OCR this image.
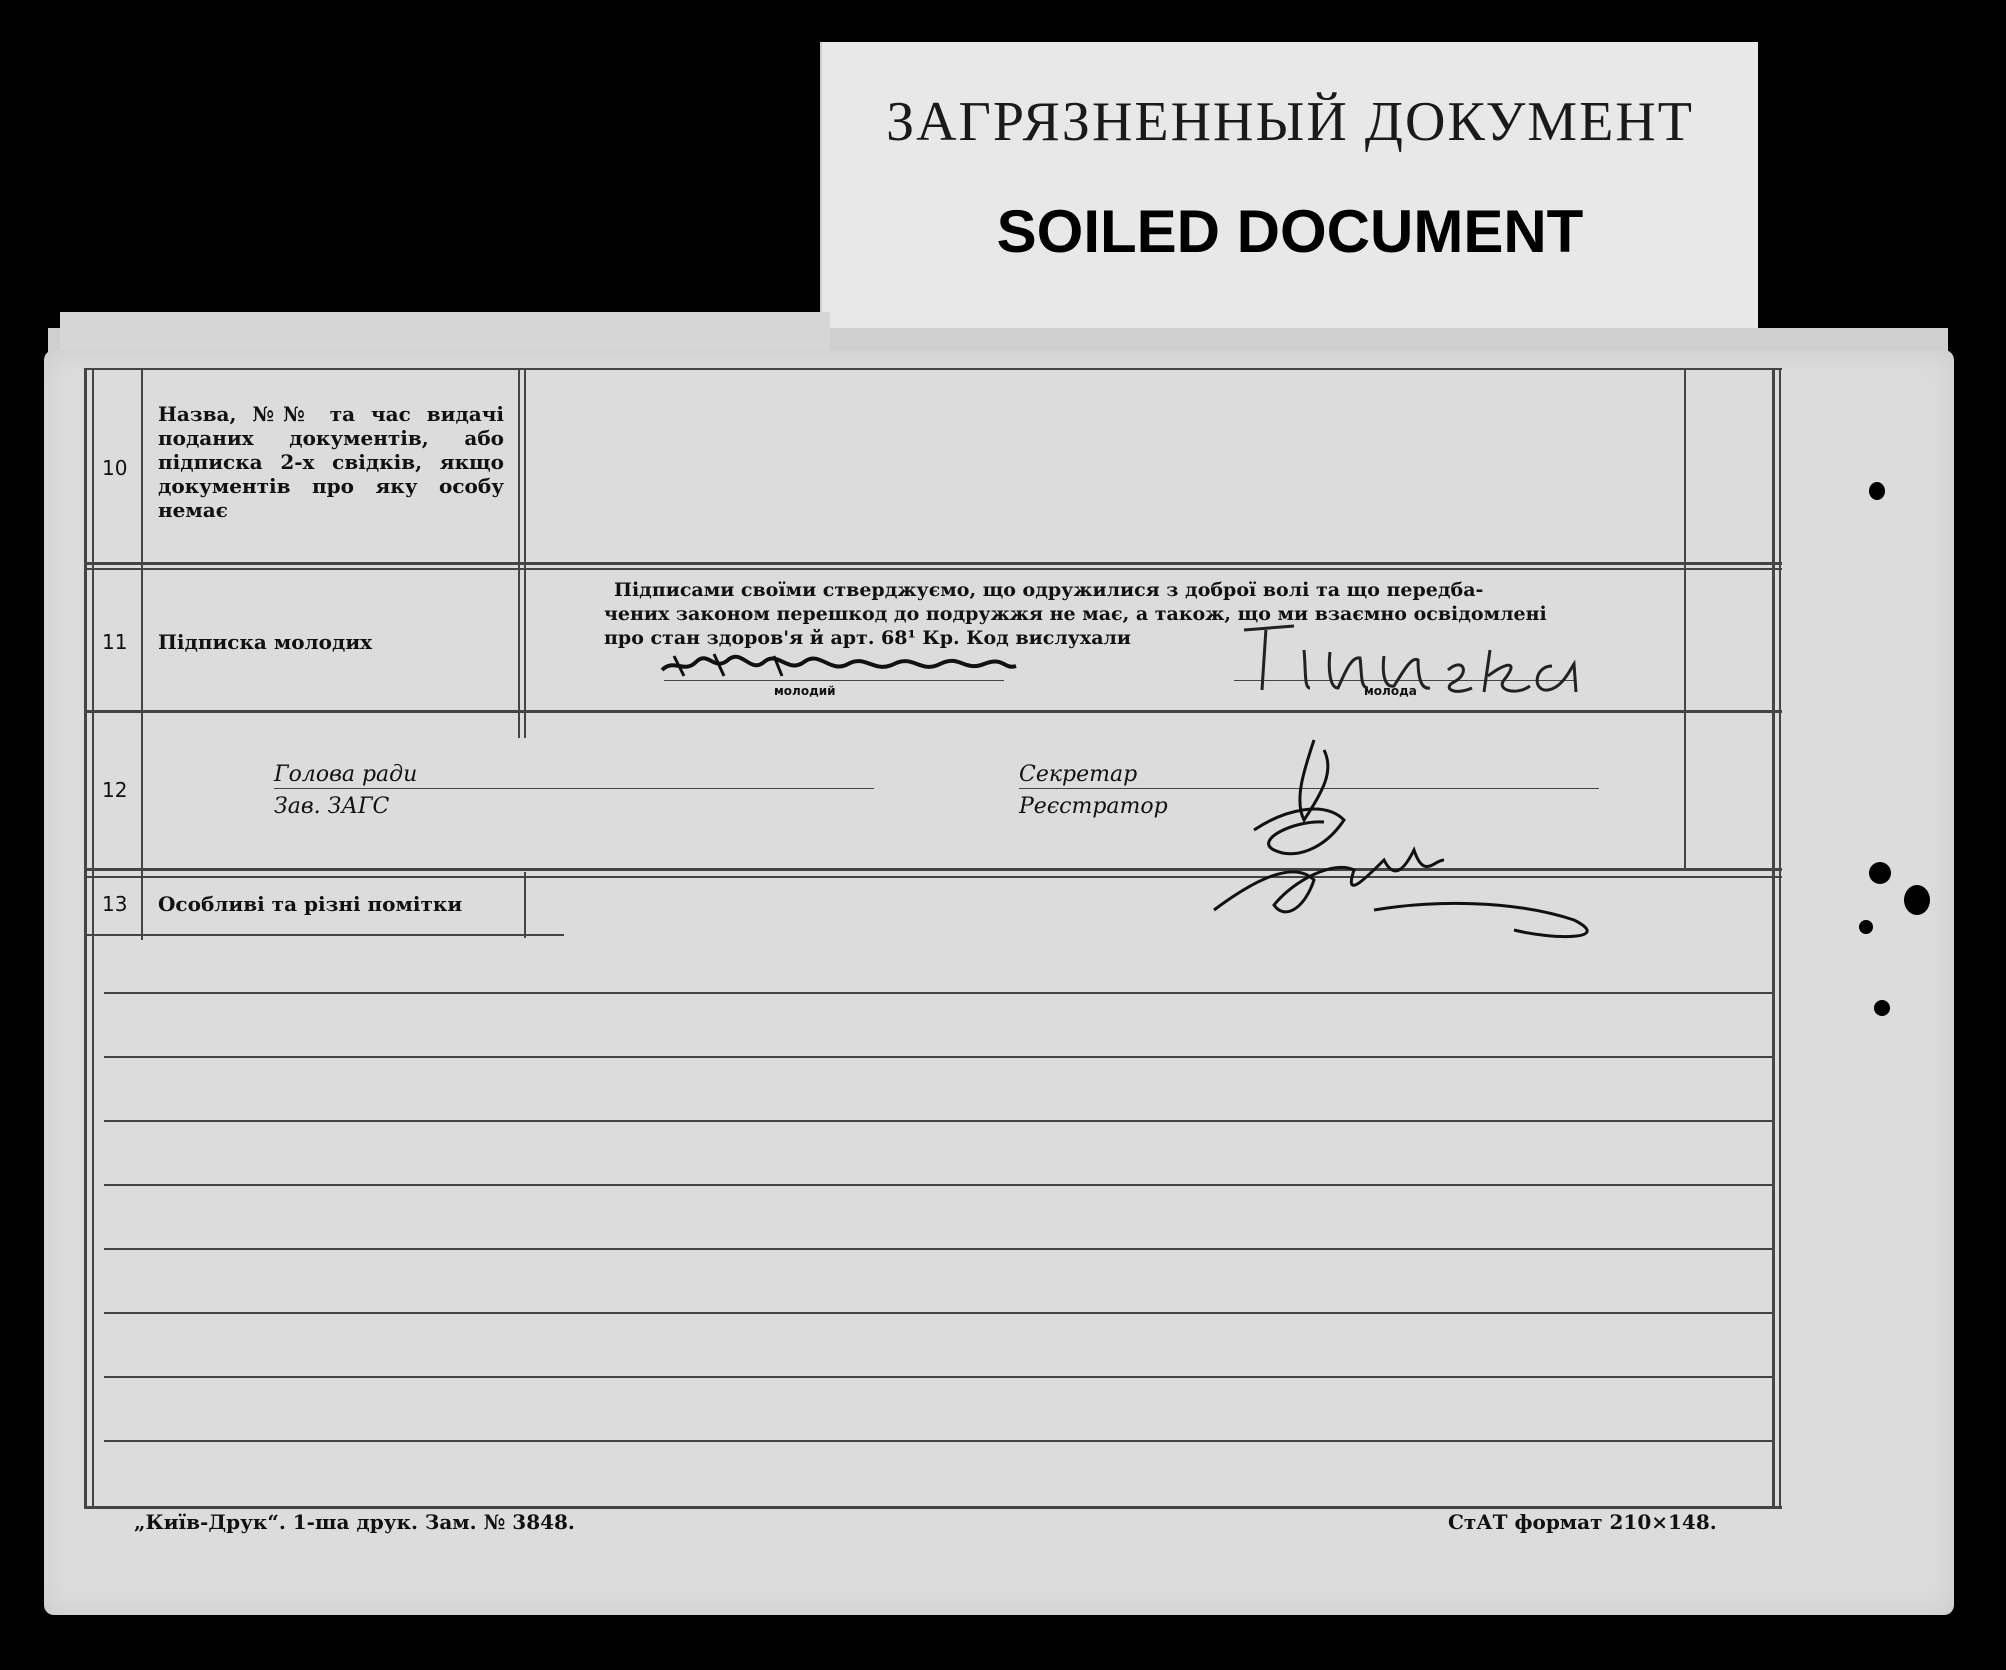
ЗАГРЯЗНЕННЫЙ ДОКУМЕНТ
SOILED DOCUMENT
10
11
12
13
Назва, №№ та час видачі поданих документів, або підписка 2-х свідків, якщо документів про яку особу немає
Підписка молодих
Особливі та різні помітки
Підписами своїми стверджуємо, що одружилися з доброї волі та що передба-
чених законом перешкод до подружжя не має, а також, що ми взаємно освідомлені
про стан здоров'я й арт. 68¹ Кр. Код вислухали
молодий	молода
Голова ради
Зав. ЗАГС
Секретар
Реєстратор
„Київ-Друк“. 1-ша друк. Зам. № 3848.	СтАТ формат 210×148.
